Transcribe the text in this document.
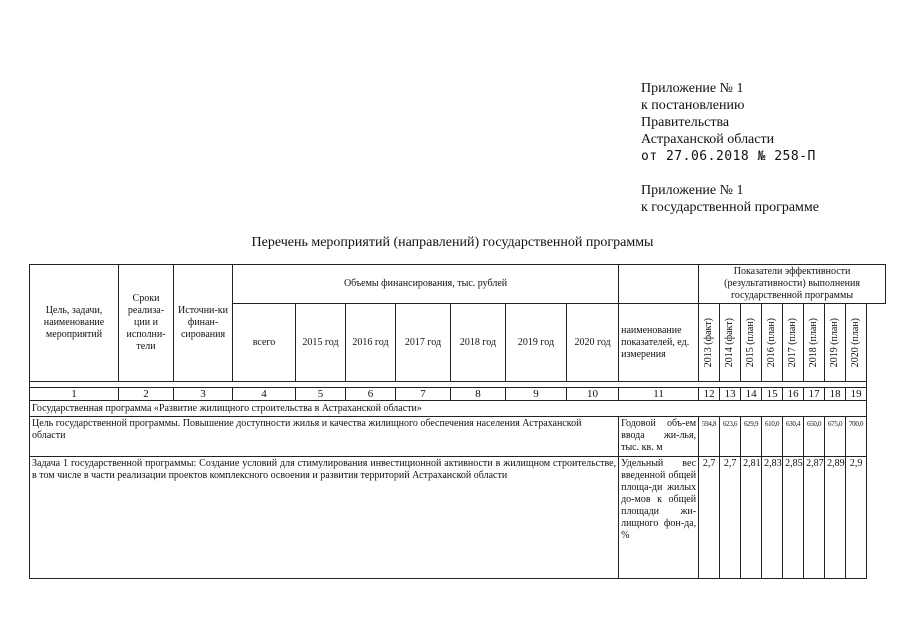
Приложение № 1
к постановлению
Правительства
Астраханской области
от 27.06.2018 № 258-П
Приложение № 1
к государственной программе
Перечень мероприятий (направлений) государственной программы
Цель, задачи, наименование мероприятий	Сроки реализа-ции и исполни-тели	Источни-ки финан-сирования	Объемы финансирования, тыс. рублей								Показатели эффективности (результативности) выполнения государственной программы							
			всего	2015 год	2016 год	2017 год	2018 год	2019 год	2020 год	наименование показателей, ед. измерения	2013 (факт)	2014 (факт)	2015 (план)	2016 (план)	2017 (план)	2018 (план)	2019 (план)	2020 (план)

1	2	3	4	5	6	7	8	9	10	11	12	13	14	15	16	17	18	19
Государственная программа «Развитие жилищного строительства в Астраханской области»																		
Цель государственной программы. Повышение доступности жилья и качества жилищного обеспечения населения Астраханской области										Годовой объ-ем ввода жи-лья, тыс. кв. м	594,8	623,6	629,9	610,0	630,4	650,0	675,0	700,0
Задача 1 государственной программы: Создание условий для стимулирования инвестиционной активности в жилищном строительстве, в том числе в части реализации проектов комплексного освоения и развития территорий Астраханской области										Удельный вес введенной общей площа-ди жилых до-мов к общей площади жи-лищного фон-да, %	2,7	2,7	2,81	2,83	2,85	2,87	2,89	2,9
